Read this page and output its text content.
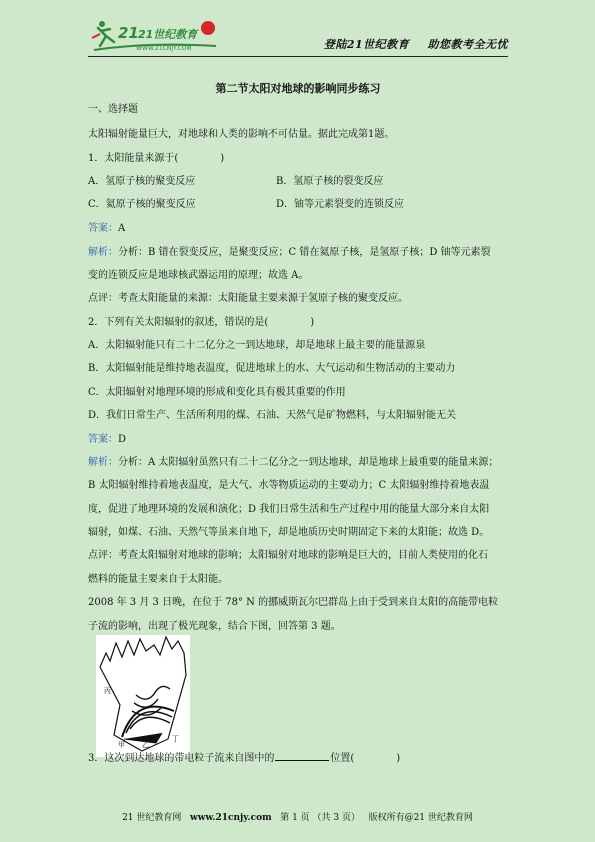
21 21世纪教育
WWW.21CNJY.COM	登陆21世纪教育 助您教考全无忧
第二节太阳对地球的影响同步练习
一、选择题
太阳辐射能量巨大，对地球和人类的影响不可估量。据此完成第1题。
1．太阳能量来源于(	)
A．氢原子核的聚变反应	B．氢原子核的裂变反应
C．氦原子核的聚变反应	D．铀等元素裂变的连锁反应
答案：A
解析：分析：B 错在裂变反应，是聚变反应；C 错在氦原子核，是氢原子核；D 铀等元素裂
变的连锁反应是地球核武器运用的原理；故选 A。
点评：考查太阳能量的来源：太阳能量主要来源于氢原子核的聚变反应。
2．下列有关太阳辐射的叙述，错误的是(	)
A．太阳辐射能只有二十二亿分之一到达地球，却是地球上最主要的能量源泉
B．太阳辐射能是维持地表温度，促进地球上的水、大气运动和生物活动的主要动力
C．太阳辐射对地理环境的形成和变化具有极其重要的作用
D．我们日常生产、生活所利用的煤、石油、天然气是矿物燃料，与太阳辐射能无关
答案：D
解析：分析：A 太阳辐射虽然只有二十二亿分之一到达地球，却是地球上最重要的能量来源；
B 太阳辐射维持着地表温度，是大气、水等物质运动的主要动力；C 太阳辐射维持着地表温
度，促进了地理环境的发展和演化；D 我们日常生活和生产过程中用的能量大部分来自太阳
辐射，如煤、石油、天然气等虽来自地下，却是地质历史时期固定下来的太阳能；故选 D。
点评：考查太阳辐射对地球的影响；太阳辐射对地球的影响是巨大的，目前人类使用的化石
燃料的能量主要来自于太阳能。
2008 年 3 月 3 日晚，在位于 78° N 的挪威斯瓦尔巴群岛上由于受到来自太阳的高能带电粒
子流的影响，出现了极光现象，结合下图，回答第 3 题。
丙
丁
甲 乙
3．这次到达地球的带电粒子流来自图中的	位置(	)
21 世纪教育网 www.21cnjy.com 第 1 页 （共 3 页） 版权所有@21 世纪教育网
